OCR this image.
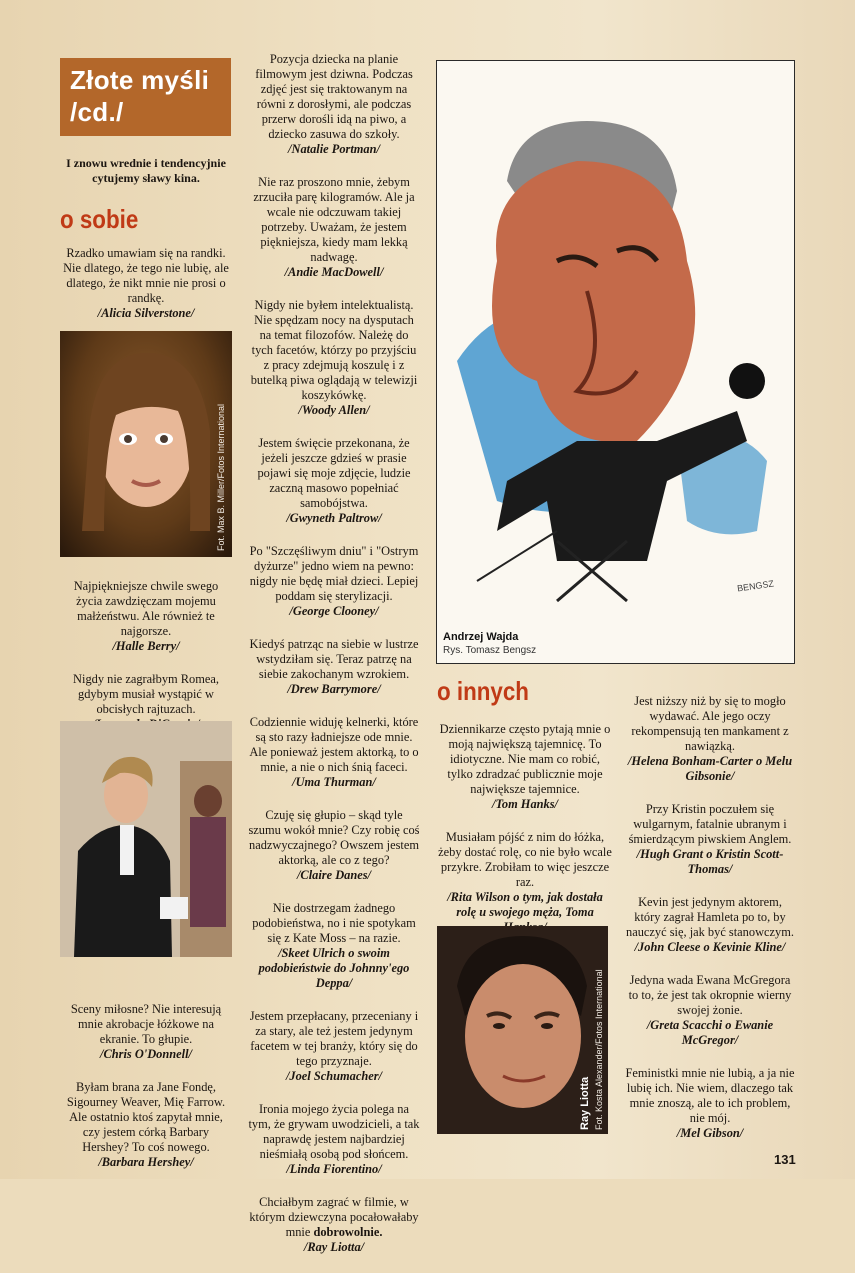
Złote myśli /cd./

I znowu wrednie i tendencyjnie cytujemy sławy kina.

o sobie

Rzadko umawiam się na randki. Nie dlatego, że tego nie lubię, ale dlatego, że nikt mnie nie prosi o randkę.

/Alicia Silverstone/

Najpiękniejsze chwile swego życia zawdzięczam mojemu małżeństwu. Ale również te najgorsze.

/Halle Berry/

Nigdy nie zagrałbym Romea, gdybym musiał wystąpić w obcisłych rajtuzach.

Sceny miłosne? Nie interesują mnie akrobacje łóżkowe na ekranie. To głupie.

/Chris O'Donnell/

Byłam brana za Jane Fondę, Sigourney Weaver, Mię Farrow. Ale ostatnio ktoś zapytał mnie, czy jestem córką Barbary Hershey? To coś nowego.

/Barbara Hershey/

Fot. Max B. Miller/Fotos International

Pozycja dziecka na planie filmowym jest dziwna. Podczas zdjęć jest się traktowanym na równi z dorosłymi, ale podczas przerw dorośli idą na piwo, a dziecko zasuwa do szkoły.

/Natalie Portman/

Nie raz proszono mnie, żebym zrzuciła parę kilogramów. Ale ja wcale nie odczuwam takiej potrzeby. Uważam, że jestem piękniejsza, kiedy mam lekką nadwagę.

/Andie MacDowell/

Nigdy nie byłem intelektualistą. Nie spędzam nocy na dysputach na temat filozofów. Należę do tych facetów, którzy po przyjściu z pracy zdejmują koszulę i z butelką piwa oglądają w telewizji koszykówkę.

/Woody Allen/

Jestem święcie przekonana, że jeżeli jeszcze gdzieś w prasie pojawi się moje zdjęcie, ludzie zaczną masowo popełniać samobójstwa.

/Gwyneth Paltrow/

Po "Szczęśliwym dniu" i "Ostrym dyżurze" jedno wiem na pewno: nigdy nie będę miał dzieci. Lepiej poddam się sterylizacji.

/George Clooney/

Kiedyś patrząc na siebie w lustrze wstydziłam się. Teraz patrzę na siebie zakochanym wzrokiem.

/Drew Barrymore/

Codziennie widuję kelnerki, które są sto razy ładniejsze ode mnie. Ale ponieważ jestem aktorką, to o mnie, a nie o nich śnią faceci.

/Uma Thurman/

Czuję się głupio – skąd tyle szumu wokół mnie? Czy robię coś nadzwyczajnego? Owszem jestem aktorką, ale co z tego?

/Claire Danes/

Nie dostrzegam żadnego podobieństwa, no i nie spotykam się z Kate Moss – na razie.

/Skeet Ulrich o swoim podobieństwie do Johnny'ego Deppa/

Jestem przepłacany, przeceniany i za stary, ale też jestem jedynym facetem w tej branży, który się do tego przyznaje.

/Joel Schumacher/

Ironia mojego życia polega na tym, że grywam uwodzicieli, a tak naprawdę jestem najbardziej nieśmiałą osobą pod słońcem.

/Linda Fiorentino/

Chciałbym zagrać w filmie, w którym dziewczyna pocałowałaby mnie dobrowolnie.

/Ray Liotta/

BENGSZ
Andrzej Wajda
Rys. Tomasz Bengsz
o innych

Dziennikarze często pytają mnie o moją największą tajemnicę. To idiotyczne. Nie mam co robić, tylko zdradzać publicznie moje największe tajemnice.

/Tom Hanks/

Musiałam pójść z nim do łóżka, żeby dostać rolę, co nie było wcale przykre. Zrobiłam to więc jeszcze raz.

/Rita Wilson o tym, jak dostała rolę u swojego męża, Toma

Ray Liotta Fot. Kosta Alexander/Fotos International

Jest niższy niż by się to mogło wydawać. Ale jego oczy rekompensują ten mankament z nawiązką.

/Helena Bonham-Carter o Melu Gibsonie/

Przy Kristin poczułem się wulgarnym, fatalnie ubranym i śmierdzącym piwskiem Anglem.

/Hugh Grant o Kristin Scott-Thomas/

Kevin jest jedynym aktorem, który zagrał Hamleta po to, by nauczyć się, jak być stanowczym.

/John Cleese o Kevinie Kline/

Jedyna wada Ewana McGregora to to, że jest tak okropnie wierny swojej żonie.

/Greta Scacchi o Ewanie McGregor/

Feministki mnie nie lubią, a ja nie lubię ich. Nie wiem, dlaczego tak mnie znoszą, ale to ich problem, nie mój.

/Mel Gibson/

131
